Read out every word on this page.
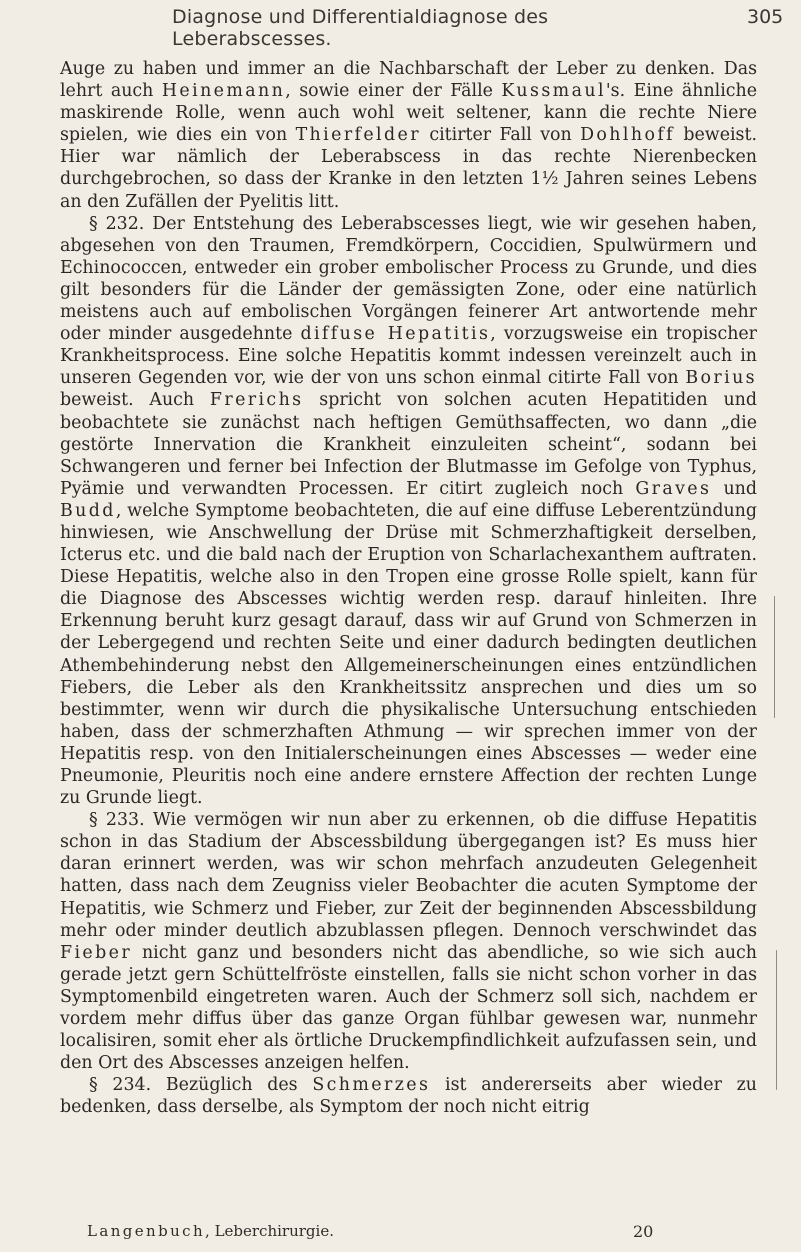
Diagnose und Differentialdiagnose des Leberabscesses.
305

Auge zu haben und immer an die Nachbarschaft der Leber zu denken. Das lehrt auch Heinemann, sowie einer der Fälle Kussmaul's. Eine ähnliche maskirende Rolle, wenn auch wohl weit seltener, kann die rechte Niere spielen, wie dies ein von Thierfelder citirter Fall von Dohlhoff beweist. Hier war nämlich der Leberabscess in das rechte Nierenbecken durchgebrochen, so dass der Kranke in den letzten 1½ Jahren seines Lebens an den Zufällen der Pyelitis litt.

§ 232. Der Entstehung des Leberabscesses liegt, wie wir gesehen haben, abgesehen von den Traumen, Fremdkörpern, Coccidien, Spulwürmern und Echinococcen, entweder ein grober embolischer Process zu Grunde, und dies gilt besonders für die Länder der gemässigten Zone, oder eine natürlich meistens auch auf embolischen Vorgängen feinerer Art antwortende mehr oder minder ausgedehnte diffuse Hepatitis, vorzugsweise ein tropischer Krankheitsprocess. Eine solche Hepatitis kommt indessen vereinzelt auch in unseren Gegenden vor, wie der von uns schon einmal citirte Fall von Borius beweist. Auch Frerichs spricht von solchen acuten Hepatitiden und beobachtete sie zunächst nach heftigen Gemüthsaffecten, wo dann „die gestörte Innervation die Krankheit einzuleiten scheint“, sodann bei Schwangeren und ferner bei Infection der Blutmasse im Gefolge von Typhus, Pyämie und verwandten Processen. Er citirt zugleich noch Graves und Budd, welche Symptome beobachteten, die auf eine diffuse Leberentzündung hinwiesen, wie Anschwellung der Drüse mit Schmerzhaftigkeit derselben, Icterus etc. und die bald nach der Eruption von Scharlachexanthem auftraten. Diese Hepatitis, welche also in den Tropen eine grosse Rolle spielt, kann für die Diagnose des Abscesses wichtig werden resp. darauf hinleiten. Ihre Erkennung beruht kurz gesagt darauf, dass wir auf Grund von Schmerzen in der Lebergegend und rechten Seite und einer dadurch bedingten deutlichen Athembehinderung nebst den Allgemeinerscheinungen eines entzündlichen Fiebers, die Leber als den Krankheitssitz ansprechen und dies um so bestimmter, wenn wir durch die physikalische Untersuchung entschieden haben, dass der schmerzhaften Athmung — wir sprechen immer von der Hepatitis resp. von den Initialerscheinungen eines Abscesses — weder eine Pneumonie, Pleuritis noch eine andere ernstere Affection der rechten Lunge zu Grunde liegt.

§ 233. Wie vermögen wir nun aber zu erkennen, ob die diffuse Hepatitis schon in das Stadium der Abscessbildung übergegangen ist? Es muss hier daran erinnert werden, was wir schon mehrfach anzudeuten Gelegenheit hatten, dass nach dem Zeugniss vieler Beobachter die acuten Symptome der Hepatitis, wie Schmerz und Fieber, zur Zeit der beginnenden Abscessbildung mehr oder minder deutlich abzublassen pflegen. Dennoch verschwindet das Fieber nicht ganz und besonders nicht das abendliche, so wie sich auch gerade jetzt gern Schüttelfröste einstellen, falls sie nicht schon vorher in das Symptomenbild eingetreten waren. Auch der Schmerz soll sich, nachdem er vordem mehr diffus über das ganze Organ fühlbar gewesen war, nunmehr localisiren, somit eher als örtliche Druckempfindlichkeit aufzufassen sein, und den Ort des Abscesses anzeigen helfen.

§ 234. Bezüglich des Schmerzes ist andererseits aber wieder zu bedenken, dass derselbe, als Symptom der noch nicht eitrig

Langenbuch, Leberchirurgie.	20
